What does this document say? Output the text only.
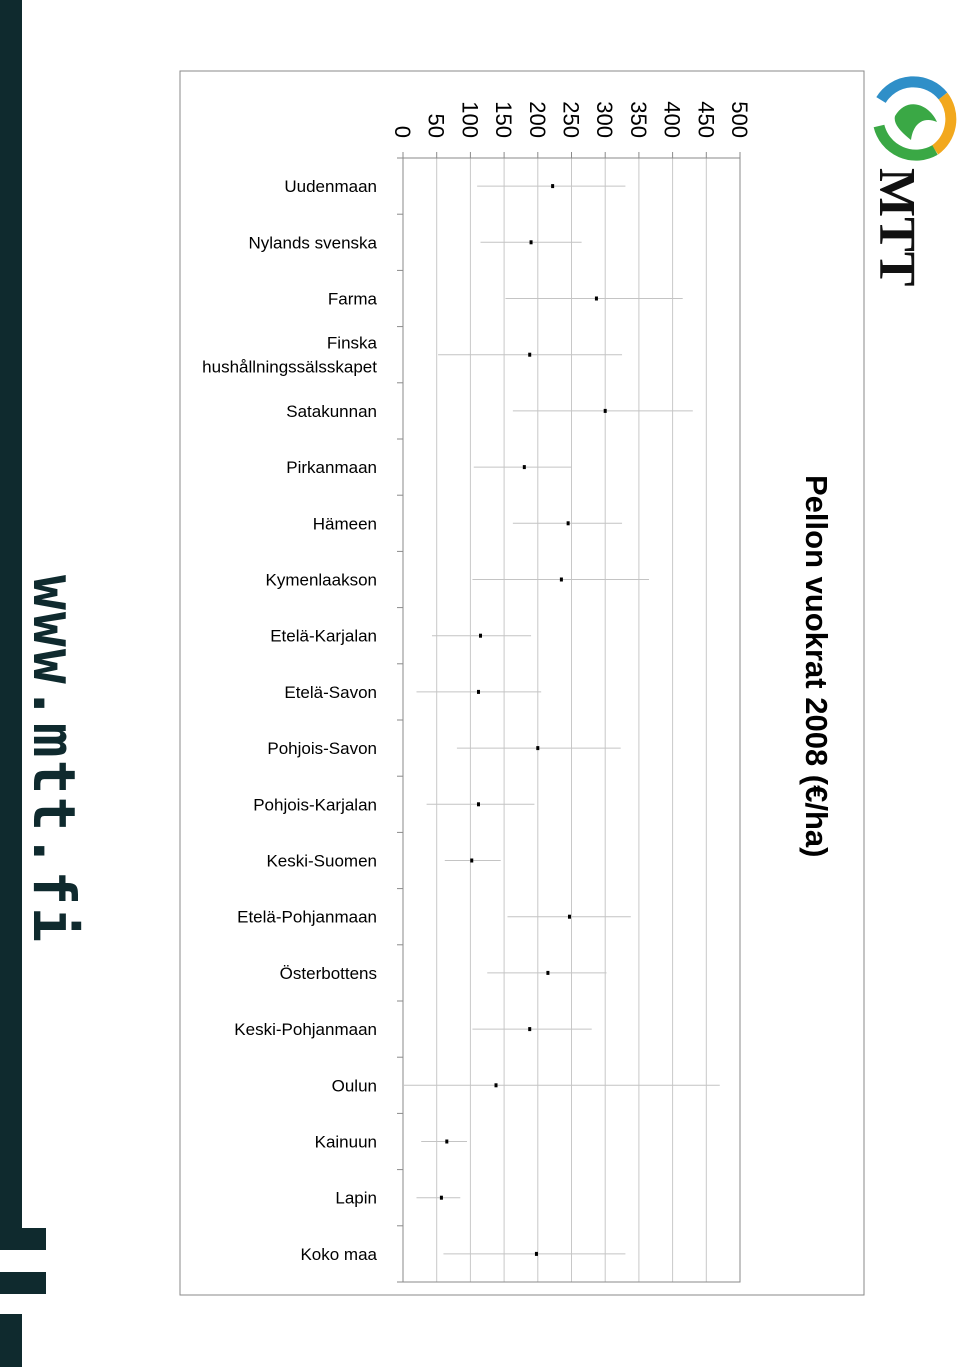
www.mtt.fi
MTT
Pellon vuokrat 2008 (€/ha)
0 50 100 150 200 250 300 350 400 450 500
Uudenmaan
Nylands svenska
Farma
Finska
hushållningssälsskapet
Satakunnan
Pirkanmaan
Hämeen
Kymenlaakson
Etelä-Karjalan
Etelä-Savon
Pohjois-Savon
Pohjois-Karjalan
Keski-Suomen
Etelä-Pohjanmaan
Österbottens
Keski-Pohjanmaan
Oulun
Kainuun
Lapin
Koko maa
